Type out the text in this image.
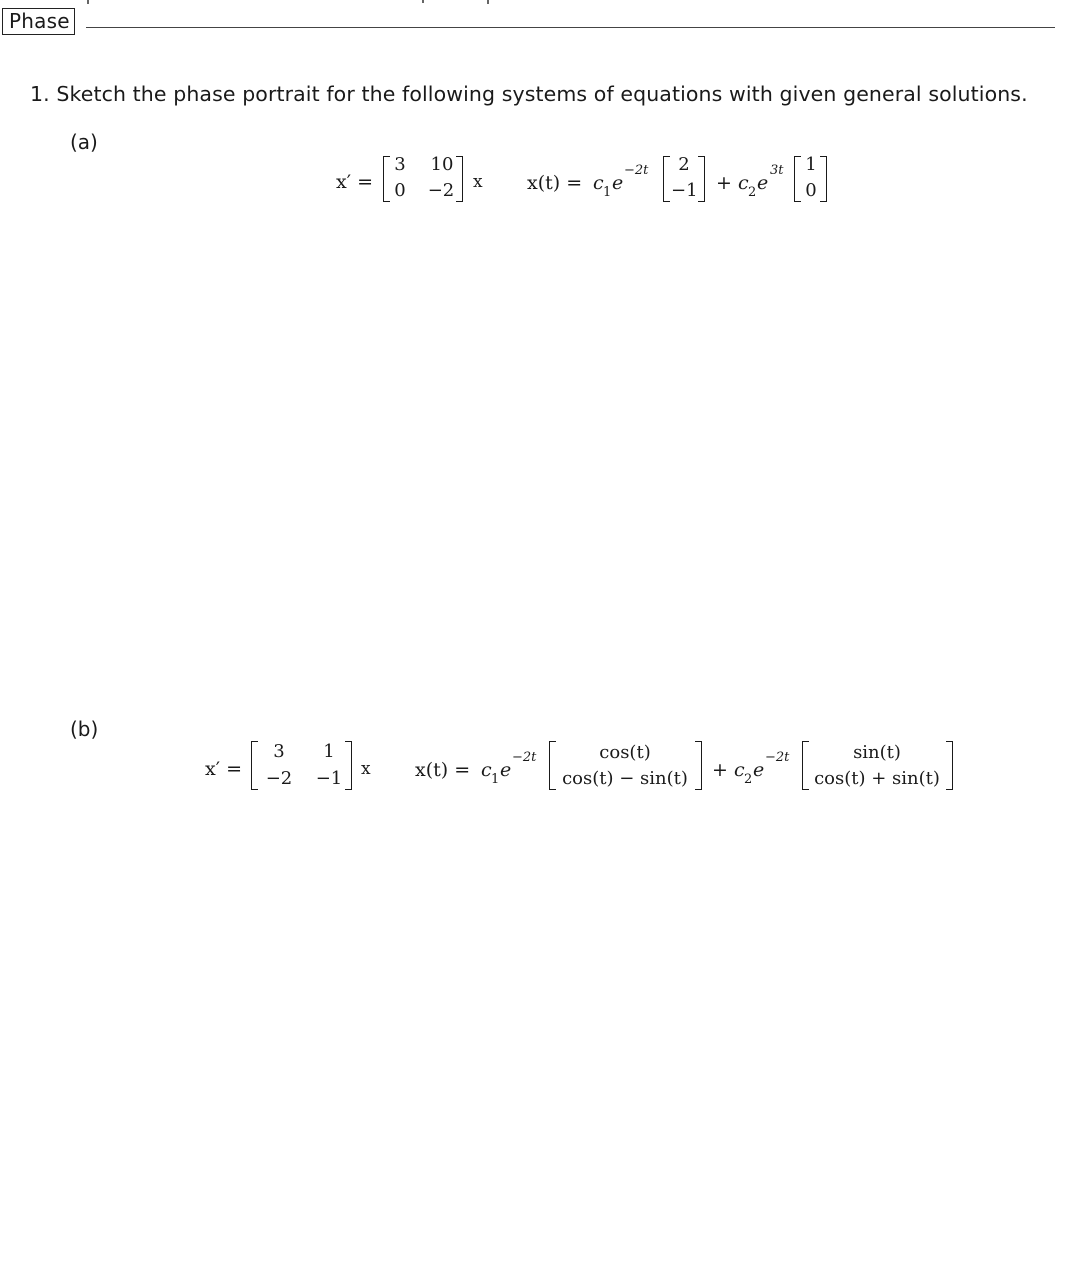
Phase
1. Sketch the phase portrait for the following systems of equations with given general solutions.
(a)
x′ =
3 10
0 −2 x x(t) = c 1 e
−2t	2
−1 + c 2 e
3t 1
0
(b)
x′ =
3 1
−2 −1 x x(t) = c 1 e
−2t	cos(t)
cos(t) − sin(t) + c 2 e
−2t	sin(t)
cos(t) + sin(t)
